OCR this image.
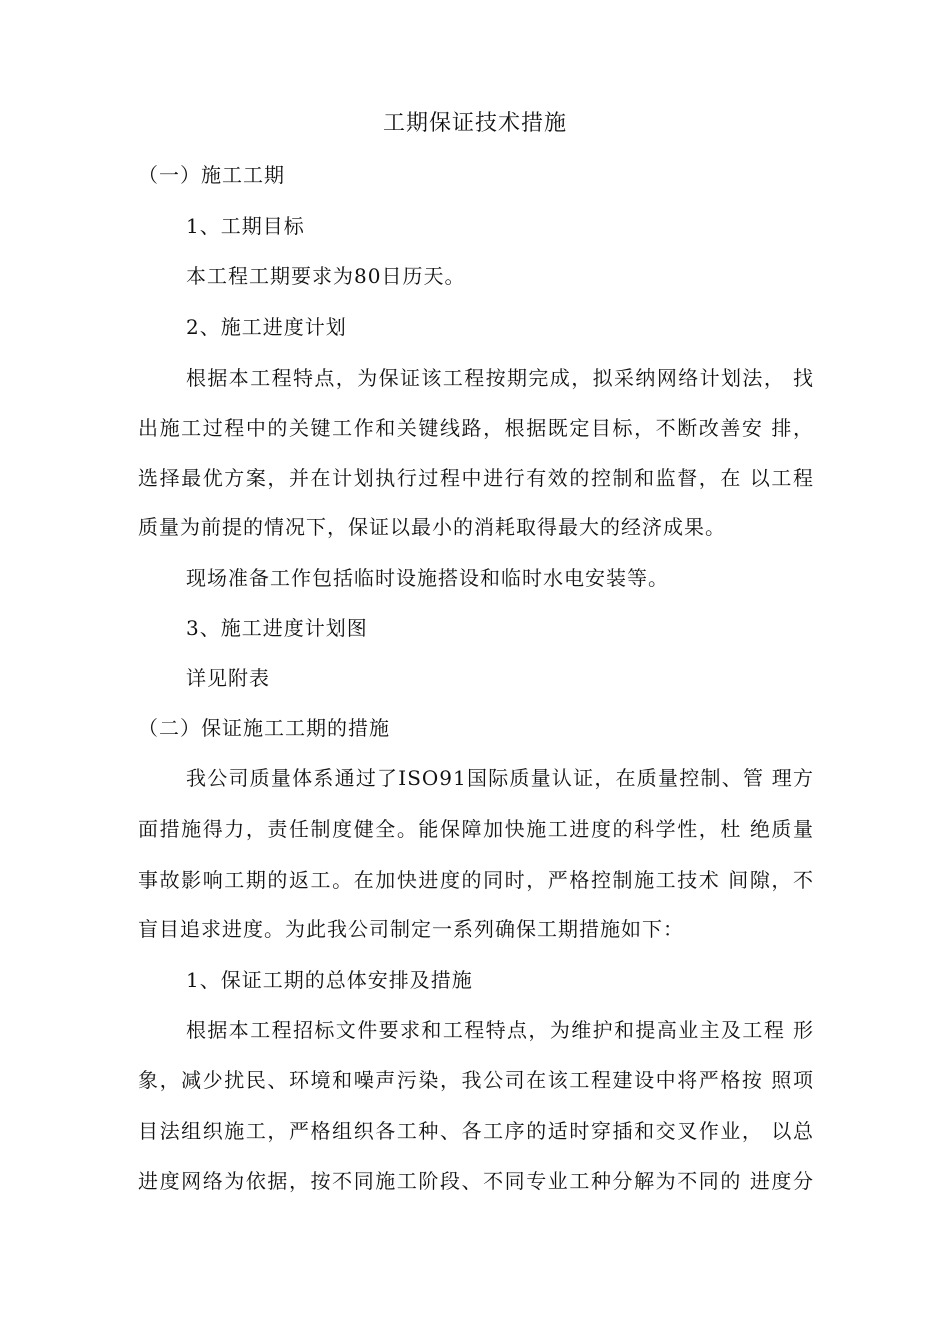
工期保证技术措施
（一）施工工期
1、工期目标
本工程工期要求为80日历天。
2、施工进度计划
根据本工程特点，为保证该工程按期完成，拟采纳网络计划法， 找
出施工过程中的关键工作和关键线路，根据既定目标，不断改善安 排，
选择最优方案，并在计划执行过程中进行有效的控制和监督，在 以工程
质量为前提的情况下，保证以最小的消耗取得最大的经济成果。
现场准备工作包括临时设施搭设和临时水电安装等。
3、施工进度计划图
详见附表
（二）保证施工工期的措施
我公司质量体系通过了ISO91国际质量认证，在质量控制、管 理方
面措施得力，责任制度健全。能保障加快施工进度的科学性，杜 绝质量
事故影响工期的返工。在加快进度的同时，严格控制施工技术 间隙，不
盲目追求进度。为此我公司制定一系列确保工期措施如下：
1、保证工期的总体安排及措施
根据本工程招标文件要求和工程特点，为维护和提高业主及工程 形
象，减少扰民、环境和噪声污染，我公司在该工程建设中将严格按 照项
目法组织施工，严格组织各工种、各工序的适时穿插和交叉作业， 以总
进度网络为依据，按不同施工阶段、不同专业工种分解为不同的 进度分
